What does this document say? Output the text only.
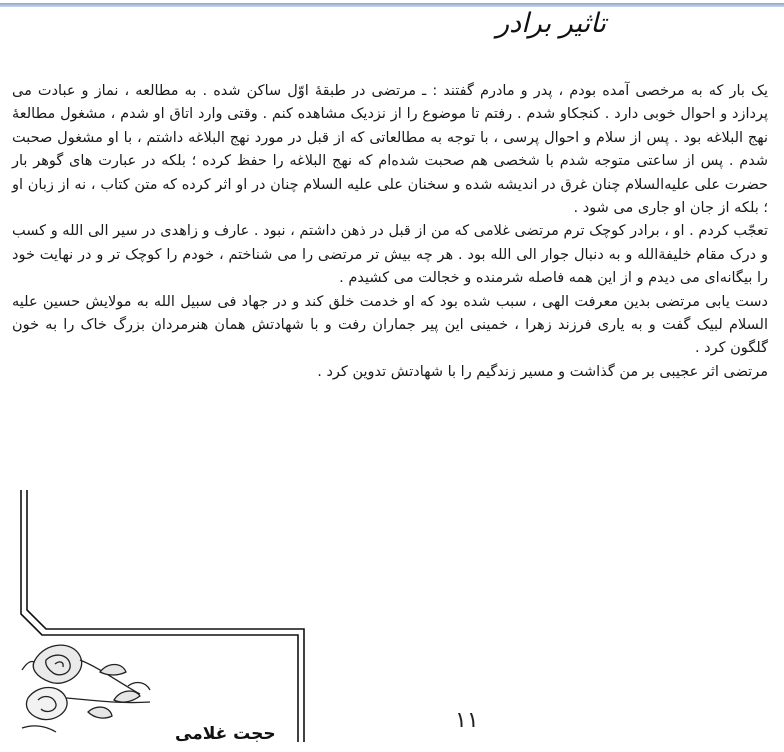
تاثیر برادر

یک بار که به مرخصی آمده بودم ، پدر و مادرم گفتند : ـ مرتضی در طبقهٔ اوّل ساکن شده . به مطالعه ، نماز و عبادت می پردازد و احوال خوبی دارد . کنجکاو شدم . رفتم تا موضوع را از نزدیک مشاهده کنم . وقتی وارد اتاق او شدم ، مشغول مطالعهٔ نهج البلاغه بود . پس از سلام و احوال پرسی ، با توجه به مطالعاتی که از قبل در مورد نهج البلاغه داشتم ، با او مشغول صحبت شدم . پس از ساعتی متوجه شدم با شخصی هم صحبت شده‌ام که نهج البلاغه را حفظ کرده ؛ بلکه در عبارت های گوهر بار حضرت علی علیه‌السلام چنان غرق در اندیشه شده و سخنان علی علیه السلام چنان در او اثر کرده که متن کتاب ، نه از زبان او ؛ بلکه از جان او جاری می شود .

تعجّب کردم . او ، برادر کوچک ترم مرتضی غلامی که من از قبل در ذهن داشتم ، نبود . عارف و زاهدی در سیر الی الله و کسب و درک مقام خلیفةالله و به دنبال جوار الی الله بود . هر چه بیش تر مرتضی را می شناختم ، خودم را کوچک تر و در نهایت خود را بیگانه‌ای می دیدم و از این همه فاصله شرمنده و خجالت می کشیدم .

دست یابی مرتضی بدین معرفت الهی ، سبب شده بود که او خدمت خلق کند و در جهاد فی سبیل الله به مولایش حسین علیه السلام لبیک گفت و به یاری فرزند زهرا ، خمینی این پیر جماران رفت و با شهادتش همان هنرمردان بزرگ خاک را به خون گلگون کرد .

مرتضی اثر عجیبی بر من گذاشت و مسیر زندگیم را با شهادتش تدوین کرد .

۱۱
حجت غلامی
